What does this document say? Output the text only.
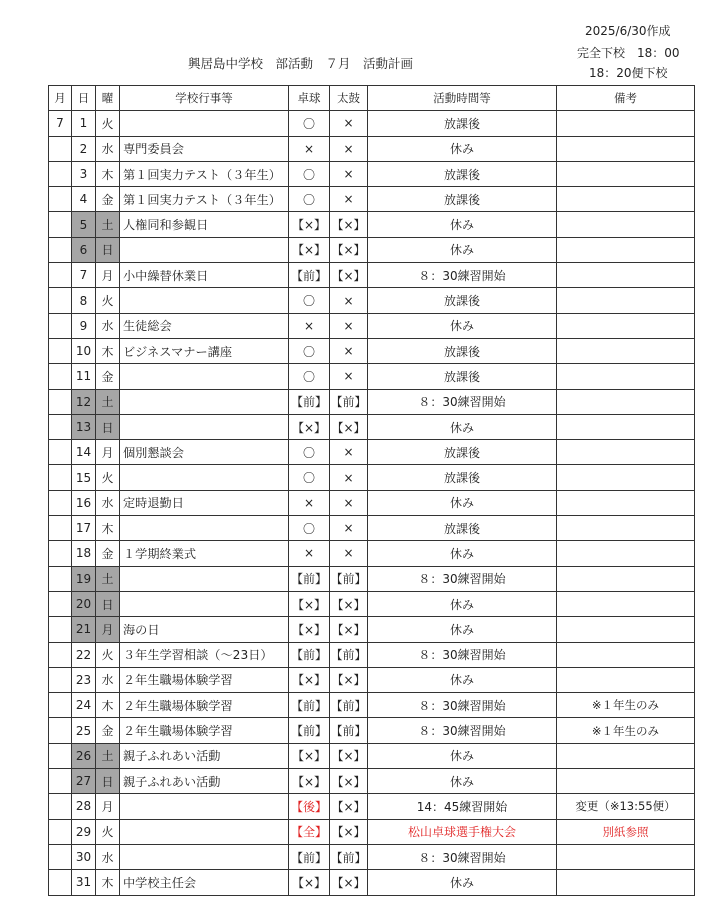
興居島中学校　部活動　７月　活動計画
2025/6/30作成
完全下校　18：00
18：20便下校
月	日	曜	学校行事等	卓球	太鼓	活動時間等	備考
7	1	火		〇	×	放課後	
	2	水	専門委員会	×	×	休み	
	3	木	第１回実力テスト（３年生）	〇	×	放課後	
	4	金	第１回実力テスト（３年生）	〇	×	放課後	
	5	土	人権同和参観日	【×】	【×】	休み	
	6	日		【×】	【×】	休み	
	7	月	小中繰替休業日	【前】	【×】	８：30練習開始	
	8	火		〇	×	放課後	
	9	水	生徒総会	×	×	休み	
	10	木	ビジネスマナー講座	〇	×	放課後	
	11	金		〇	×	放課後	
	12	土		【前】	【前】	８：30練習開始	
	13	日		【×】	【×】	休み	
	14	月	個別懇談会	〇	×	放課後	
	15	火		〇	×	放課後	
	16	水	定時退勤日	×	×	休み	
	17	木		〇	×	放課後	
	18	金	１学期終業式	×	×	休み	
	19	土		【前】	【前】	８：30練習開始	
	20	日		【×】	【×】	休み	
	21	月	海の日	【×】	【×】	休み	
	22	火	３年生学習相談（～23日）	【前】	【前】	８：30練習開始	
	23	水	２年生職場体験学習	【×】	【×】	休み	
	24	木	２年生職場体験学習	【前】	【前】	８：30練習開始	※１年生のみ
	25	金	２年生職場体験学習	【前】	【前】	８：30練習開始	※１年生のみ
	26	土	親子ふれあい活動	【×】	【×】	休み	
	27	日	親子ふれあい活動	【×】	【×】	休み	
	28	月		【後】	【×】	14：45練習開始	変更（※13:55便）
	29	火		【全】	【×】	松山卓球選手権大会	別紙参照
	30	水		【前】	【前】	８：30練習開始	
	31	木	中学校主任会	【×】	【×】	休み	
